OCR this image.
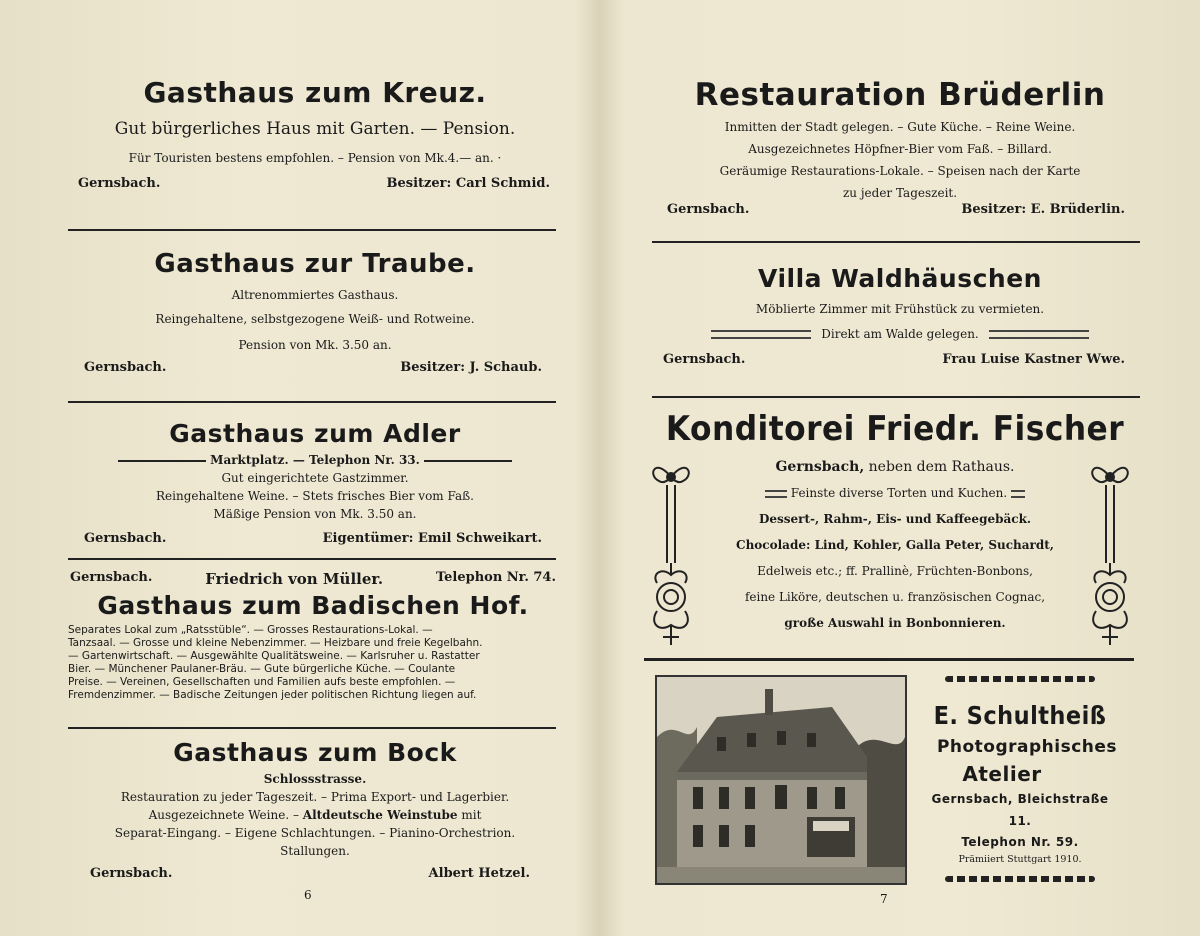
Gasthaus zum Kreuz.
Gut bürgerliches Haus mit Garten. — Pension.
Für Touristen bestens empfohlen. – Pension von Mk.4.— an. ·
Gernsbach.	Besitzer: Carl Schmid.
Gasthaus zur Traube.
Altrenommiertes Gasthaus.
Reingehaltene, selbstgezogene Weiß- und Rotweine.
Pension von Mk. 3.50 an.
Gernsbach.	Besitzer: J. Schaub.
Gasthaus zum Adler
Marktplatz. — Telephon Nr. 33.
Gut eingerichtete Gastzimmer.
Reingehaltene Weine. – Stets frisches Bier vom Faß.
Mäßige Pension von Mk. 3.50 an.
Gernsbach.	Eigentümer: Emil Schweikart.
Gernsbach.	Friedrich von Müller.	Telephon Nr. 74.
Gasthaus zum Badischen Hof.
Separates Lokal zum „Ratsstüble“. — Grosses Restaurations-Lokal. —
Tanzsaal. — Grosse und kleine Nebenzimmer. — Heizbare und freie Kegelbahn.
— Gartenwirtschaft. — Ausgewählte Qualitätsweine. — Karlsruher u. Rastatter
Bier. — Münchener Paulaner-Bräu. — Gute bürgerliche Küche. — Coulante
Preise. — Vereinen, Gesellschaften und Familien aufs beste empfohlen. —
Fremdenzimmer. — Badische Zeitungen jeder politischen Richtung liegen auf.
Gasthaus zum Bock
Schlossstrasse.
Restauration zu jeder Tageszeit. – Prima Export- und Lagerbier.
Ausgezeichnete Weine. – Altdeutsche Weinstube mit
Separat-Eingang. – Eigene Schlachtungen. – Pianino-Orchestrion.
Stallungen.
Gernsbach.	Albert Hetzel.
6
Restauration Brüderlin
Inmitten der Stadt gelegen. – Gute Küche. – Reine Weine.
Ausgezeichnetes Höpfner-Bier vom Faß. – Billard.
Geräumige Restaurations-Lokale. – Speisen nach der Karte
zu jeder Tageszeit.
Gernsbach.	Besitzer: E. Brüderlin.
Villa Waldhäuschen
Möblierte Zimmer mit Frühstück zu vermieten.
Direkt am Walde gelegen.
Gernsbach.	Frau Luise Kastner Wwe.
Konditorei Friedr. Fischer
Gernsbach, neben dem Rathaus.
Feinste diverse Torten und Kuchen.
Dessert-, Rahm-, Eis- und Kaffeegebäck.
Chocolade: Lind, Kohler, Galla Peter, Suchardt,
Edelweis etc.; ff. Prallinè, Früchten-Bonbons,
feine Liköre, deutschen u. französischen Cognac,
große Auswahl in Bonbonnieren.
E. Schultheiß
Photographisches
Atelier
Gernsbach, Bleichstraße 11.
Telephon Nr. 59.
Prämiiert Stuttgart 1910.
7
